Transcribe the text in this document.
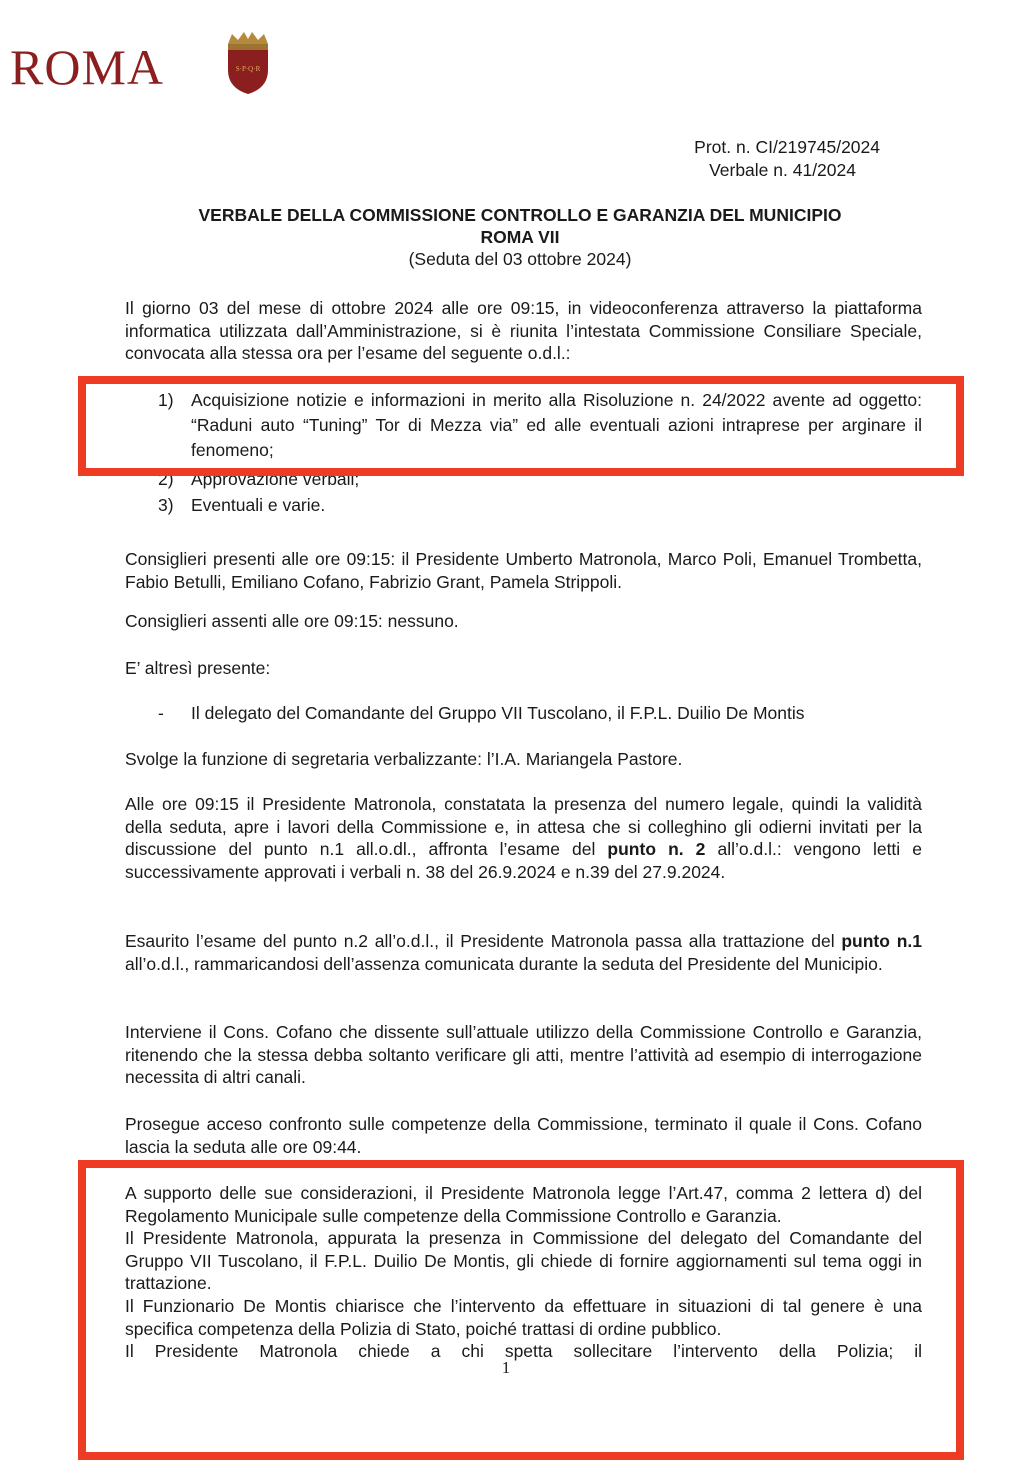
ROMA	S·P·Q·R
Prot. n. CI/219745/2024
Verbale n. 41/2024
VERBALE DELLA COMMISSIONE CONTROLLO E GARANZIA DEL MUNICIPIO
ROMA VII
(Seduta del 03 ottobre 2024)
Il giorno 03 del mese di ottobre 2024 alle ore 09:15, in videoconferenza attraverso la piattaforma informatica utilizzata dall’Amministrazione, si è riunita l’intestata Commissione Consiliare Speciale, convocata alla stessa ora per l’esame del seguente o.d.l.:
1) Acquisizione notizie e informazioni in merito alla Risoluzione n. 24/2022 avente ad oggetto: “Raduni auto “Tuning” Tor di Mezza via” ed alle eventuali azioni intraprese per arginare il fenomeno;
2) Approvazione verbali;
3) Eventuali e varie.
Consiglieri presenti alle ore 09:15: il Presidente Umberto Matronola, Marco Poli, Emanuel Trombetta, Fabio Betulli, Emiliano Cofano, Fabrizio Grant, Pamela Strippoli.
Consiglieri assenti alle ore 09:15: nessuno.
E’ altresì presente:
- Il delegato del Comandante del Gruppo VII Tuscolano, il F.P.L. Duilio De Montis
Svolge la funzione di segretaria verbalizzante: l’I.A. Mariangela Pastore.
Alle ore 09:15 il Presidente Matronola, constatata la presenza del numero legale, quindi la validità della seduta, apre i lavori della Commissione e, in attesa che si colleghino gli odierni invitati per la discussione del punto n.1 all.o.dl., affronta l’esame del punto n. 2 all’o.d.l.: vengono letti e successivamente approvati i verbali n. 38 del 26.9.2024 e n.39 del 27.9.2024.
Esaurito l’esame del punto n.2 all’o.d.l., il Presidente Matronola passa alla trattazione del punto n.1 all’o.d.l., rammaricandosi dell’assenza comunicata durante la seduta del Presidente del Municipio.
Interviene il Cons. Cofano che dissente sull’attuale utilizzo della Commissione Controllo e Garanzia, ritenendo che la stessa debba soltanto verificare gli atti, mentre l’attività ad esempio di interrogazione necessita di altri canali.
Prosegue acceso confronto sulle competenze della Commissione, terminato il quale il Cons. Cofano lascia la seduta alle ore 09:44.
A supporto delle sue considerazioni, il Presidente Matronola legge l’Art.47, comma 2 lettera d) del Regolamento Municipale sulle competenze della Commissione Controllo e Garanzia.
Il Presidente Matronola, appurata la presenza in Commissione del delegato del Comandante del Gruppo VII Tuscolano, il F.P.L. Duilio De Montis, gli chiede di fornire aggiornamenti sul tema oggi in trattazione.
Il Funzionario De Montis chiarisce che l’intervento da effettuare in situazioni di tal genere è una specifica competenza della Polizia di Stato, poiché trattasi di ordine pubblico.
Il Presidente Matronola chiede a chi spetta sollecitare l’intervento della Polizia; il
1
